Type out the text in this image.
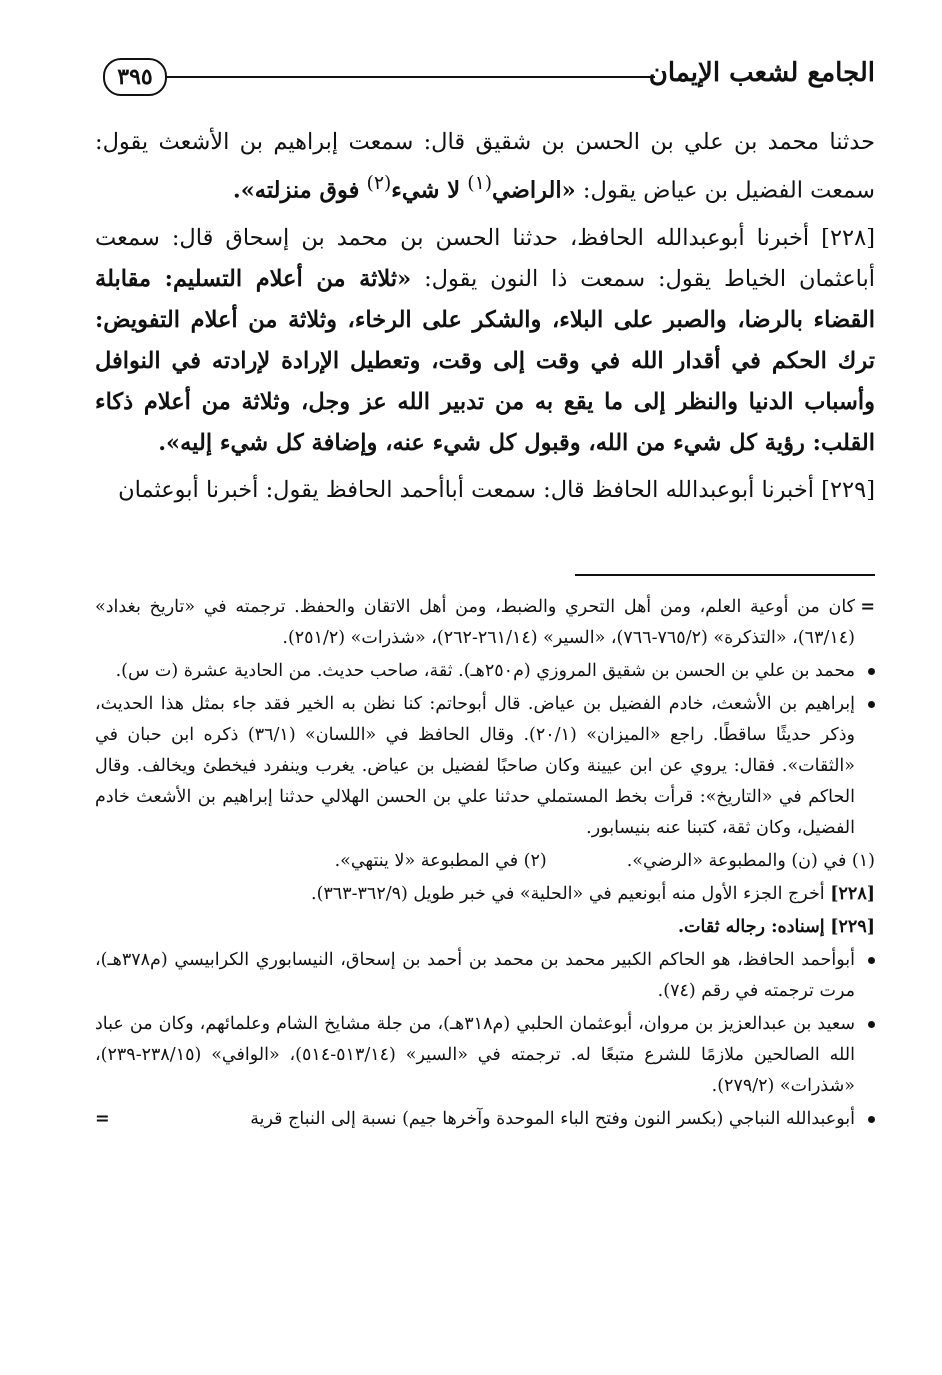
الجامع لشعب الإيمان
٣٩٥

حدثنا محمد بن علي بن الحسن بن شقيق قال: سمعت إبراهيم بن الأشعث يقول: سمعت الفضيل بن عياض يقول: «الراضي$^{(١)}$ لا شيء$^{(٢)}$ فوق منزلته».

[٢٢٨] أخبرنا أبوعبدالله الحافظ، حدثنا الحسن بن محمد بن إسحاق قال: سمعت أباعثمان الخياط يقول: سمعت ذا النون يقول: «ثلاثة من أعلام التسليم: مقابلة القضاء بالرضا، والصبر على البلاء، والشكر على الرخاء، وثلاثة من أعلام التفويض: ترك الحكم في أقدار الله في وقت إلى وقت، وتعطيل الإرادة لإرادته في النوافل وأسباب الدنيا والنظر إلى ما يقع به من تدبير الله عز وجل، وثلاثة من أعلام ذكاء القلب: رؤية كل شيء من الله، وقبول كل شيء عنه، وإضافة كل شيء إليه».

[٢٢٩] أخبرنا أبوعبدالله الحافظ قال: سمعت أباأحمد الحافظ يقول: أخبرنا أبوعثمان

=
كان من أوعية العلم، ومن أهل التحري والضبط، ومن أهل الاتقان والحفظ. ترجمته في «تاريخ بغداد» (٦٣/١٤)، «التذكرة» (٧٦٥/٢-٧٦٦)، «السير» (٢٦١/١٤-٢٦٢)، «شذرات» (٢٥١/٢).

محمد بن علي بن الحسن بن شقيق المروزي (م٢٥٠هـ). ثقة، صاحب حديث. من الحادية عشرة (ت س).

إبراهيم بن الأشعث، خادم الفضيل بن عياض. قال أبوحاتم: كنا نظن به الخير فقد جاء بمثل هذا الحديث، وذكر حديثًا ساقطًا. راجع «الميزان» (٢٠/١). وقال الحافظ في «اللسان» (٣٦/١) ذكره ابن حبان في «الثقات». فقال: يروي عن ابن عيينة وكان صاحبًا لفضيل بن عياض. يغرب وينفرد فيخطئ ويخالف. وقال الحاكم في «التاريخ»: قرأت بخط المستملي حدثنا علي بن الحسن الهلالي حدثنا إبراهيم بن الأشعث خادم الفضيل، وكان ثقة، كتبنا عنه بنيسابور.

(١) في (ن) والمطبوعة «الرضي».
(٢) في المطبوعة «لا ينتهي».

[٢٢٨] أخرج الجزء الأول منه أبونعيم في «الحلية» في خبر طويل (٣٦٢/٩-٣٦٣).

[٢٢٩] إسناده: رجاله ثقات.

أبوأحمد الحافظ، هو الحاكم الكبير محمد بن محمد بن أحمد بن إسحاق، النيسابوري الكرابيسي (م٣٧٨هـ)، مرت ترجمته في رقم (٧٤).

سعيد بن عبدالعزيز بن مروان، أبوعثمان الحلبي (م٣١٨هـ)، من جلة مشايخ الشام وعلمائهم، وكان من عباد الله الصالحين ملازمًا للشرع متبعًا له. ترجمته في «السير» (٥١٣/١٤-٥١٤)، «الوافي» (٢٣٨/١٥-٢٣٩)، «شذرات» (٢٧٩/٢).

أبوعبدالله النباجي (بكسر النون وفتح الباء الموحدة وآخرها جيم) نسبة إلى النباج قرية
=
